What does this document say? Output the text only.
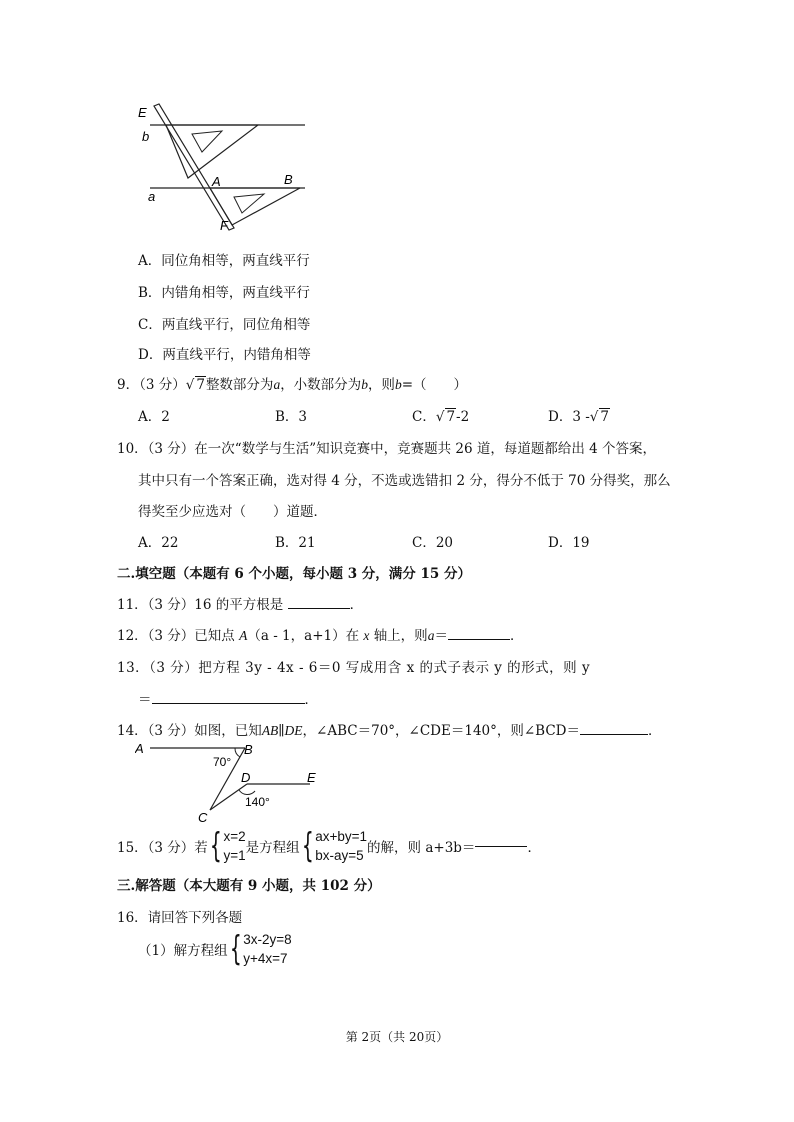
E
b
A	B
a
F
A．同位角相等，两直线平行
B．内错角相等，两直线平行
C．两直线平行，同位角相等
D．两直线平行，内错角相等
9．（3 分）√ 7整数部分为a，小数部分为b，则b=（　　）
A．2	B．3	C．√ 7-2	D．3 -√ 7
10．（3 分）在一次“数学与生活”知识竞赛中，竞赛题共 26 道，每道题都给出 4 个答案，
其中只有一个答案正确，选对得 4 分，不选或选错扣 2 分，得分不低于 70 分得奖，那么
得奖至少应选对（　　）道题．
A．22	B．21	C．20	D．19
二.填空题（本题有 6 个小题，每小题 3 分，满分 15 分）
11．（3 分）16 的平方根是	．
12．（3 分）已知点 A（a - 1，a+1）在 x 轴上，则a＝	．
13．（3 分）把方程 3y - 4x - 6＝0 写成用含 x 的式子表示 y 的形式，则 y
＝	．
14．（3 分）如图，已知AB∥DE，∠ABC＝70°，∠CDE＝140°，则∠BCD＝	．
A	B
70°
D	E
140°
C
15．（3 分）若 { x=2
y=1 是方程组 { ax+by=1
bx-ay=5 的解，则 a+3b＝	．
三.解答题（本大题有 9 小题，共 102 分）
16．请回答下列各题
（1）解方程组 { 3x-2y=8
y+4x=7
第 2页（共 20页）
